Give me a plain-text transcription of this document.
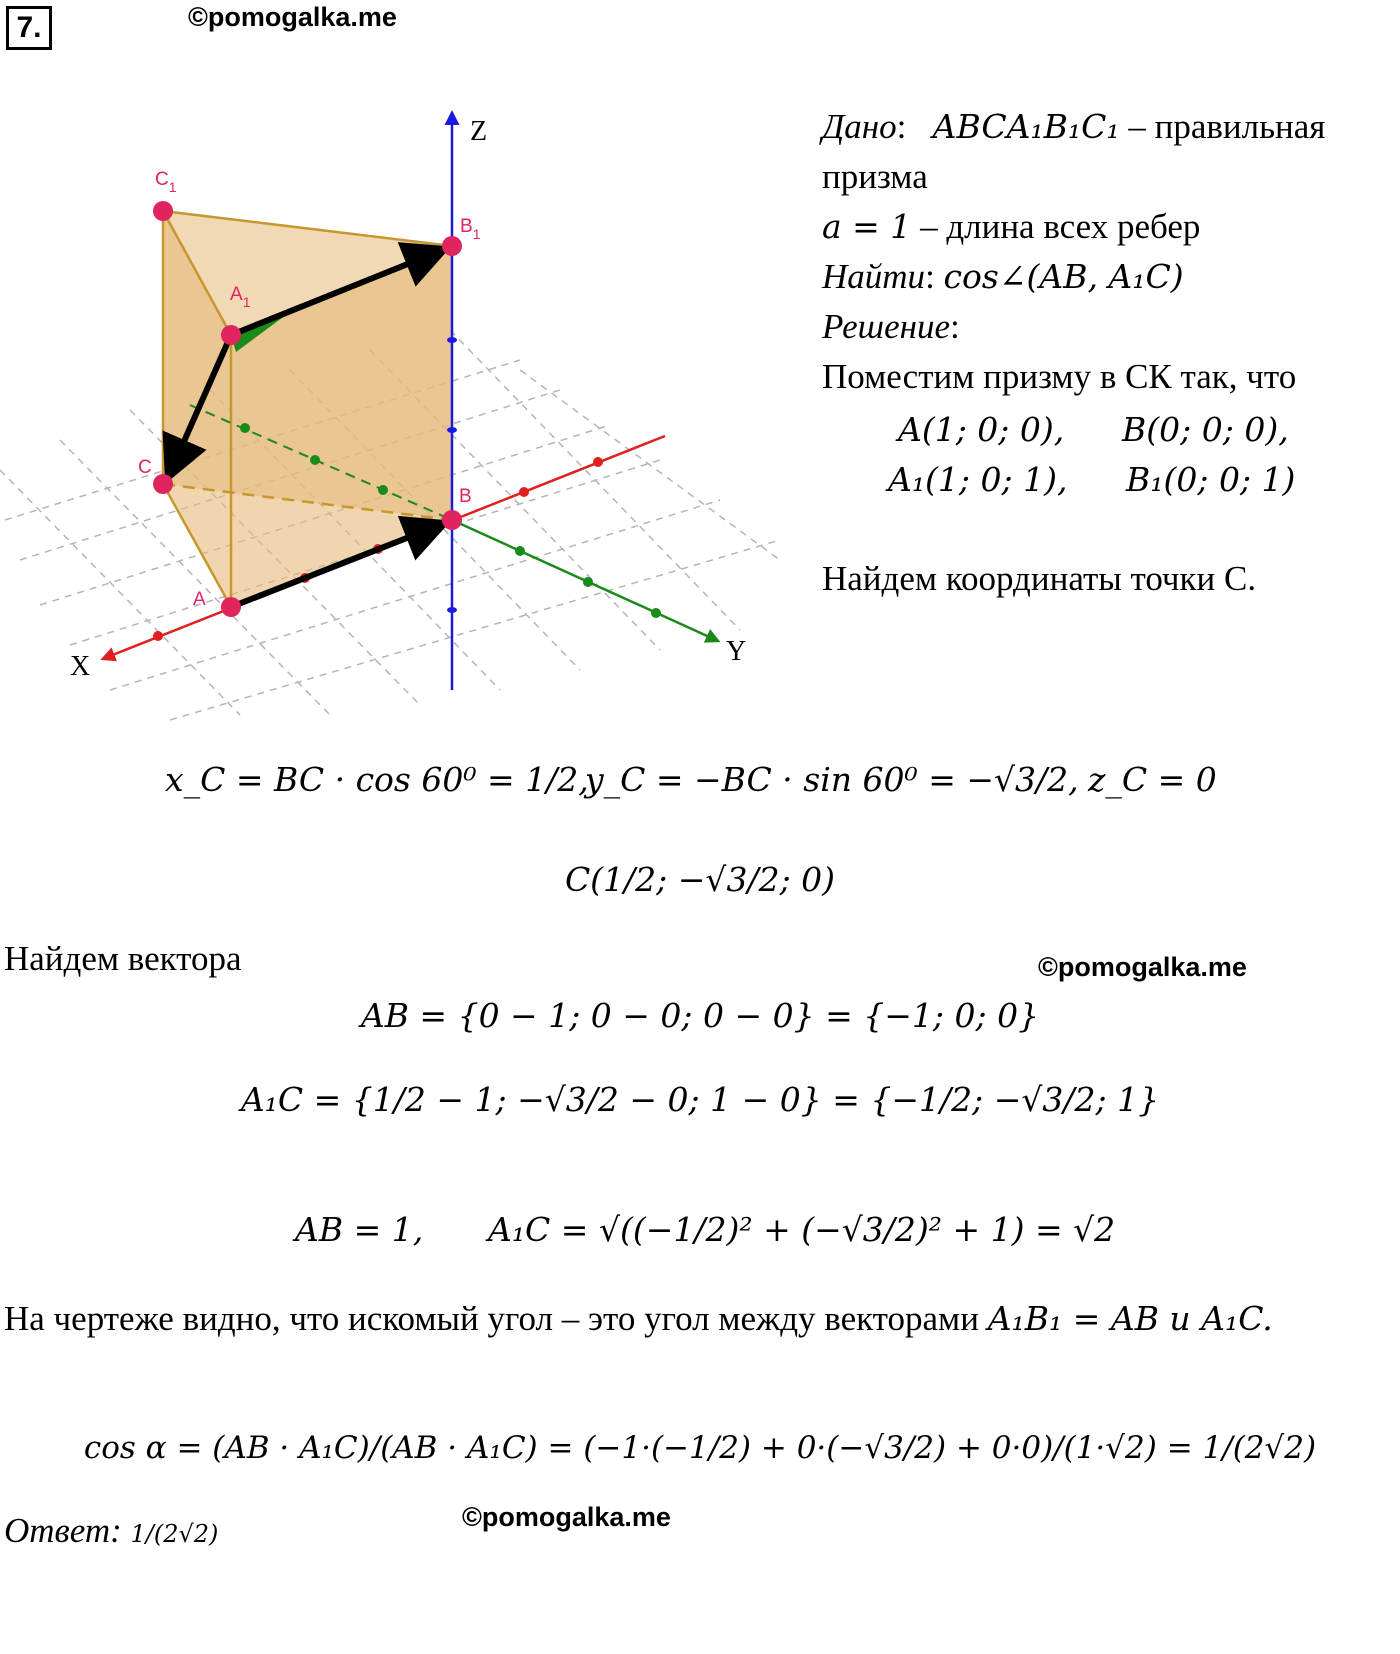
7.	©pomogalka.me
$C_1$
$B_1$
$A_1$
C
B
A
X	Y
Z	Дано:   ABCA₁B₁C₁ – правильная
призма
a = 1 – длина всех ребер
Найти: cos∠(AB, A₁C)
Решение:
Поместим призму в СК так, что
A(1; 0; 0), B(0; 0; 0),
A₁(1; 0; 1), B₁(0; 0; 1)
Найдем координаты точки C.
x_C = BC · cos 60⁰ = 1/2,
y_C = −BC · sin 60⁰ = −√3/2, z_C = 0
C(1/2; −√3/2; 0)
Найдем вектора	©pomogalka.me
AB = {0 − 1; 0 − 0; 0 − 0} = {−1; 0; 0}
A₁C = {1/2 − 1; −√3/2 − 0; 1 − 0} = {−1/2; −√3/2; 1}
AB = 1, A₁C = √((−1/2)² + (−√3/2)² + 1) = √2
На чертеже видно, что искомый угол – это угол между векторами A₁B₁ = AB и A₁C.
cos α = (AB · A₁C)/(AB · A₁C) = (−1·(−1/2) + 0·(−√3/2) + 0·0)/(1·√2) = 1/(2√2)
Ответ: 1/(2√2)
©pomogalka.me
